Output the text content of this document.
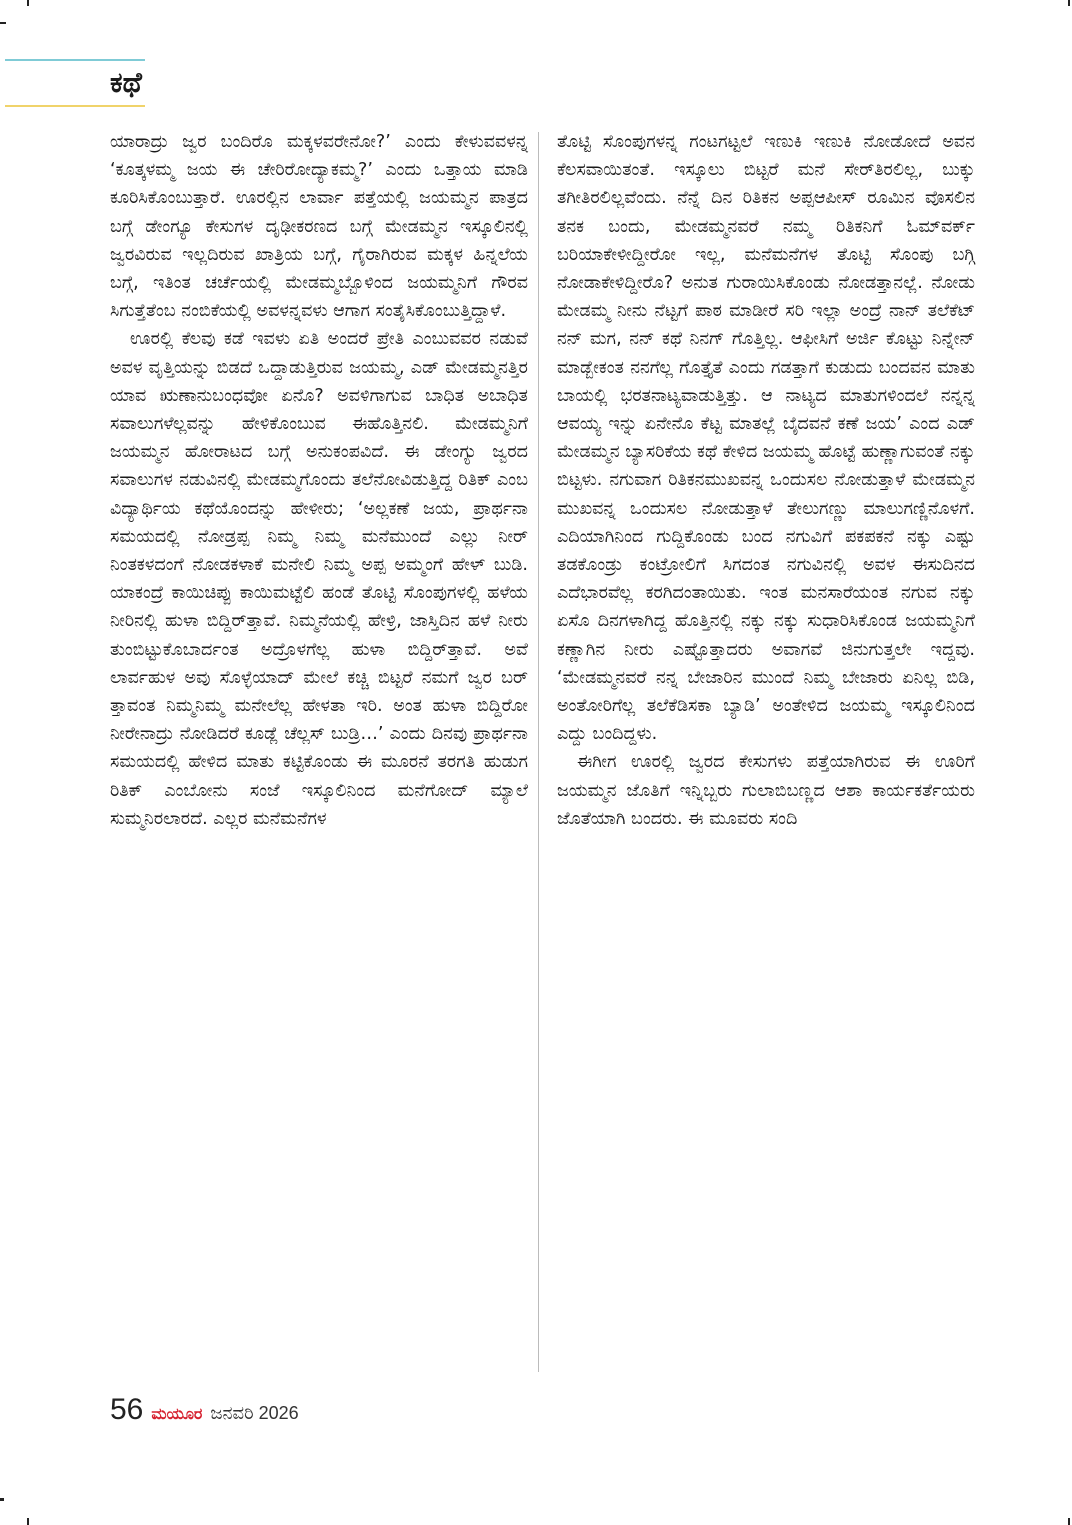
ಕಥೆ

ಯಾರಾದ್ರು ಜ್ವರ ಬಂದಿರೊ ಮಕ್ಕಳವರೇನೋ?’ ಎಂದು ಕೇಳುವವಳನ್ನ ‘ಕೂತ್ಕಳಮ್ಮ ಜಯ ಈ ಚೇರಿರೋದ್ಯಾಕಮ್ಮ?’ ಎಂದು ಒತ್ತಾಯ ಮಾಡಿ ಕೂರಿಸಿಕೊಂಬುತ್ತಾರೆ. ಊರಲ್ಲಿನ ಲಾರ್ವಾ ಪತ್ತೆಯಲ್ಲಿ ಜಯಮ್ಮನ ಪಾತ್ರದ ಬಗ್ಗೆ ಡೇಂಗ್ಯೂ ಕೇಸುಗಳ ದೃಢೀಕರಣದ ಬಗ್ಗೆ ಮೇಡಮ್ಮನ ಇಸ್ಕೂಲಿನಲ್ಲಿ ಜ್ವರವಿರುವ ಇಲ್ಲದಿರುವ ಖಾತ್ರಿಯ ಬಗ್ಗೆ, ಗೈರಾಗಿರುವ ಮಕ್ಕಳ ಹಿನ್ನಲೆಯ ಬಗ್ಗೆ, ಇತಿಂತ ಚರ್ಚೆಯಲ್ಲಿ ಮೇಡಮ್ಮಬ್ಬೊಳಿಂದ ಜಯಮ್ಮನಿಗೆ ಗೌರವ ಸಿಗುತ್ತೆತೆಂಬ ನಂಬಿಕೆಯಲ್ಲಿ ಅವಳನ್ನವಳು ಆಗಾಗ ಸಂತೈಸಿಕೊಂಬುತ್ತಿದ್ದಾಳೆ.

ಊರಲ್ಲಿ ಕೆಲವು ಕಡೆ ಇವಳು ಏತಿ ಅಂದರೆ ಪ್ರೇತಿ ಎಂಬುವವರ ನಡುವೆ ಅವಳ ವೃತ್ತಿಯನ್ನು ಬಿಡದೆ ಒದ್ದಾಡುತ್ತಿರುವ ಜಯಮ್ಮ, ಎಡ್ ಮೇಡಮ್ಮನತ್ತಿರ ಯಾವ ಋಣಾನುಬಂಧವೋ ಏನೊ? ಅವಳಿಗಾಗುವ ಬಾಧಿತ ಅಬಾಧಿತ ಸವಾಲುಗಳೆಲ್ಲವನ್ನು ಹೇಳಿಕೊಂಬುವ ಈಹೊತ್ತಿನಲಿ. ಮೇಡಮ್ಮನಿಗೆ ಜಯಮ್ಮನ ಹೋರಾಟದ ಬಗ್ಗೆ ಅನುಕಂಪವಿದೆ. ಈ ಡೇಂಗ್ಯು ಜ್ವರದ ಸವಾಲುಗಳ ನಡುವಿನಲ್ಲಿ ಮೇಡಮ್ಮಗೊಂದು ತಲೆನೋವಿಡುತ್ತಿದ್ದ ರಿತಿಕ್ ಎಂಬ ವಿದ್ಯಾರ್ಥಿಯ ಕಥೆಯೊಂದನ್ನು ಹೇಳೀರು; ‘ಅಲ್ಲಕಣೆ ಜಯ, ಪ್ರಾರ್ಥನಾ ಸಮಯದಲ್ಲಿ ನೋಡ್ರಪ್ಪ ನಿಮ್ಮ ನಿಮ್ಮ ಮನೆಮುಂದೆ ಎಲ್ಲು ನೀರ್ ನಿಂತಕಳದಂಗೆ ನೋಡಕಳಾಕೆ ಮನೇಲಿ ನಿಮ್ಮ ಅಪ್ಪ ಅಮ್ಮಂಗೆ ಹೇಳ್ ಬುಡಿ. ಯಾಕಂದ್ರೆ ಕಾಯಿಚಿಪ್ಪು ಕಾಯಿಮಟ್ಟೆಲಿ ಹಂಡೆ ತೊಟ್ಟಿ ಸೊಂಪುಗಳಲ್ಲಿ ಹಳೆಯ ನೀರಿನಲ್ಲಿ ಹುಳಾ ಬಿದ್ದಿರ್‌ತ್ತಾವೆ. ನಿಮ್ಮನೆಯಲ್ಲಿ ಹೇಳ್ರಿ, ಜಾಸ್ತಿದಿನ ಹಳೆ ನೀರು ತುಂಬಿಟ್ಟುಕೊಬಾರ್ದಂತ ಅದ್ರೊಳಗೆಲ್ಲ ಹುಳಾ ಬಿದ್ದಿರ್‌ತ್ತಾವೆ. ಅವೆ ಲಾರ್ವಹುಳ ಅವು ಸೊಳ್ಳೆಯಾದ್ ಮೇಲೆ ಕಚ್ಚಿ ಬಿಟ್ಟರೆ ನಮಗೆ ಜ್ವರ ಬರ್ ತ್ತಾವಂತ ನಿಮ್ಮನಿಮ್ಮ ಮನೇಲೆಲ್ಲ ಹೇಳತಾ ಇರಿ. ಅಂತ ಹುಳಾ ಬಿದ್ದಿರೋ ನೀರೇನಾದ್ರು ನೋಡಿದರೆ ಕೂಡ್ಲೆ ಚೆಲ್ಲಸ್ ಬುಡ್ರಿ…’ ಎಂದು ದಿನವು ಪ್ರಾರ್ಥನಾ ಸಮಯದಲ್ಲಿ ಹೇಳಿದ ಮಾತು ಕಟ್ಟಿಕೊಂಡು ಈ ಮೂರನೆ ತರಗತಿ ಹುಡುಗ ರಿತಿಕ್ ಎಂಬೋನು ಸಂಜೆ ಇಸ್ಕೂಲಿನಿಂದ ಮನೆಗೋದ್ ಮ್ಯಾಲೆ ಸುಮ್ಮನಿರಲಾರದೆ. ಎಲ್ಲರ ಮನೆಮನೆಗಳ

ತೊಟ್ಟಿ ಸೊಂಪುಗಳನ್ನ ಗಂಟಗಟ್ಟಲೆ ಇಣುಕಿ ಇಣುಕಿ ನೋಡೋದೆ ಅವನ ಕೆಲಸವಾಯಿತಂತೆ. ಇಸ್ಕೂಲು ಬಿಟ್ಟರೆ ಮನೆ ಸೇರ್‌ತಿರಲಿಲ್ಲ, ಬುಕ್ಕು ತಗೀತಿರಲಿಲ್ಲವೆಂದು. ನೆನ್ನೆ ದಿನ ರಿತಿಕನ ಅಪ್ಪಆಪೀಸ್ ರೂಮಿನ ವೊಸಲಿನ ತನಕ ಬಂದು, ಮೇಡಮ್ಮನವರೆ ನಮ್ಮ ರಿತಿಕನಿಗೆ ಓಮ್‌ವರ್ಕ್ ಬರಿಯಾಕೇಳೀದ್ದೀರೋ ಇಲ್ಲ, ಮನೆಮನೆಗಳ ತೊಟ್ಟಿ ಸೊಂಪು ಬಗ್ಗಿ ನೋಡಾಕೇಳಿದ್ದೀರೊ? ಅನುತ ಗುರಾಯಿಸಿಕೊಂಡು ನೋಡತ್ತಾನಲ್ಲೆ. ನೋಡು ಮೇಡಮ್ಮ ನೀನು ನೆಟ್ಟಗೆ ಪಾಠ ಮಾಡೀರೆ ಸರಿ ಇಲ್ಲಾ ಅಂದ್ರೆ ನಾನ್ ತಲೆಕೆಟ್ ನನ್ ಮಗ, ನನ್ ಕಥೆ ನಿನಗ್ ಗೊತ್ತಿಲ್ಲ. ಆಫೀಸಿಗೆ ಅರ್ಜಿ ಕೊಟ್ಟು ನಿನ್ನೇನ್ ಮಾಡ್ಬೇಕಂತ ನನಗೆಲ್ಲ ಗೊತ್ತೈತೆ ಎಂದು ಗಡತ್ತಾಗೆ ಕುಡುದು ಬಂದವನ ಮಾತು ಬಾಯಲ್ಲಿ ಭರತನಾಟ್ಯವಾಡುತ್ತಿತ್ತು. ಆ ನಾಟ್ಯದ ಮಾತುಗಳಿಂದಲೆ ನನ್ನನ್ನ ಆವಯ್ಯ ಇನ್ನು ಏನೇನೊ ಕೆಟ್ಟ ಮಾತಲ್ಲೆ ಬೈದವನೆ ಕಣೆ ಜಯ’ ಎಂದ ಎಡ್ ಮೇಡಮ್ಮನ ಬ್ಯಾಸರಿಕೆಯ ಕಥೆ ಕೇಳಿದ ಜಯಮ್ಮ ಹೊಟ್ಟೆ ಹುಣ್ಣಾಗುವಂತೆ ನಕ್ಕು ಬಿಟ್ಟಳು. ನಗುವಾಗ ರಿತಿಕನಮುಖವನ್ನ ಒಂದುಸಲ ನೋಡುತ್ತಾಳೆ ಮೇಡಮ್ಮನ ಮುಖವನ್ನ ಒಂದುಸಲ ನೋಡುತ್ತಾಳೆ ತೇಲುಗಣ್ಣು ಮಾಲುಗಣ್ಣಿನೊಳಗೆ. ಎದಿಯಾಗಿನಿಂದ ಗುದ್ದಿಕೊಂಡು ಬಂದ ನಗುವಿಗೆ ಪಕಪಕನೆ ನಕ್ಕು ಎಷ್ಟು ತಡಕೊಂಡ್ರು ಕಂಟ್ರೋಲಿಗೆ ಸಿಗದಂತ ನಗುವಿನಲ್ಲಿ ಅವಳ ಈಸುದಿನದ ಎದೆಭಾರವೆಲ್ಲ ಕರಗಿದಂತಾಯಿತು. ಇಂತ ಮನಸಾರೆಯಂತ ನಗುವ ನಕ್ಕು ಏಸೊ ದಿನಗಳಾಗಿದ್ದ ಹೊತ್ತಿನಲ್ಲಿ ನಕ್ಕು ನಕ್ಕು ಸುಧಾರಿಸಿಕೊಂಡ ಜಯಮ್ಮನಿಗೆ ಕಣ್ಣಾಗಿನ ನೀರು ಎಷ್ಟೊತ್ತಾದರು ಅವಾಗವೆ ಜಿನುಗುತ್ತಲೇ ಇದ್ದವು. ‘ಮೇಡಮ್ಮನವರೆ ನನ್ನ ಬೇಜಾರಿನ ಮುಂದೆ ನಿಮ್ಮ ಬೇಜಾರು ಏನಿಲ್ಲ ಬಿಡಿ, ಅಂತೋರಿಗೆಲ್ಲ ತಲೆಕೆಡಿಸಕಾ ಬ್ಯಾಡಿ’ ಅಂತೇಳಿದ ಜಯಮ್ಮ ಇಸ್ಕೂಲಿನಿಂದ ಎದ್ದು ಬಂದಿದ್ದಳು.

ಈಗೀಗ ಊರಲ್ಲಿ ಜ್ವರದ ಕೇಸುಗಳು ಪತ್ತೆಯಾಗಿರುವ ಈ ಊರಿಗೆ ಜಯಮ್ಮನ ಜೊತಿಗೆ ಇನ್ನಿಬ್ಬರು ಗುಲಾಬಿಬಣ್ಣದ ಆಶಾ ಕಾರ್ಯಕರ್ತೆಯರು ಜೊತೆಯಾಗಿ ಬಂದರು. ಈ ಮೂವರು ಸಂದಿ

56 ಮಯೂರ ಜನವರಿ 2026
